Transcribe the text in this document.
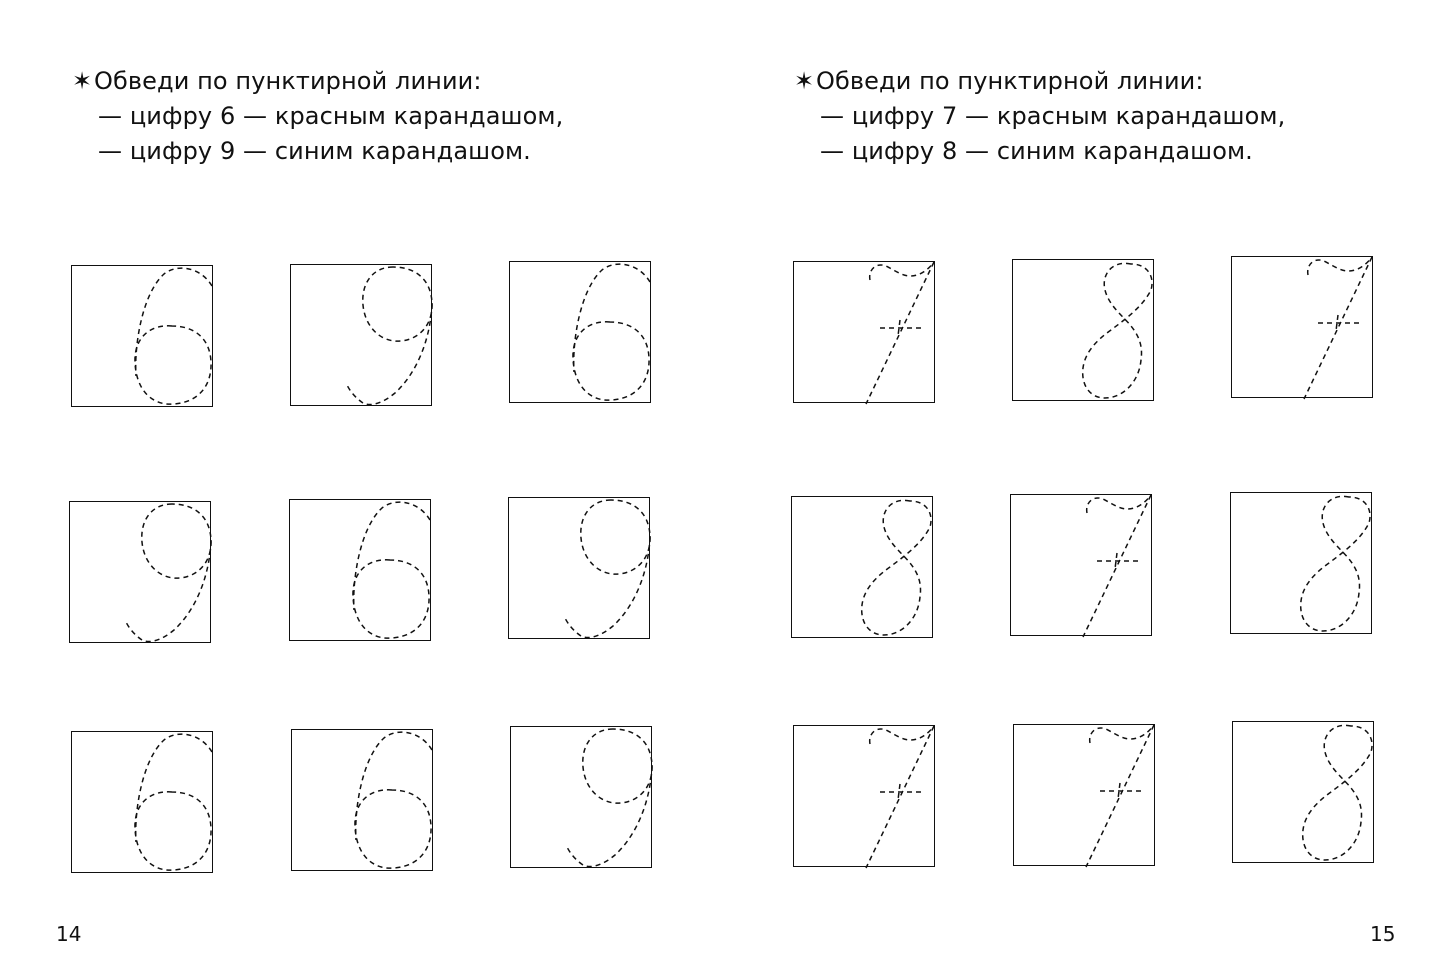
✶Обведи по пунктирной линии:
— цифру 6 — красным карандашом,
— цифру 9 — синим карандашом.
✶Обведи по пунктирной линии:
— цифру 7 — красным карандашом,
— цифру 8 — синим карандашом.
14	15
